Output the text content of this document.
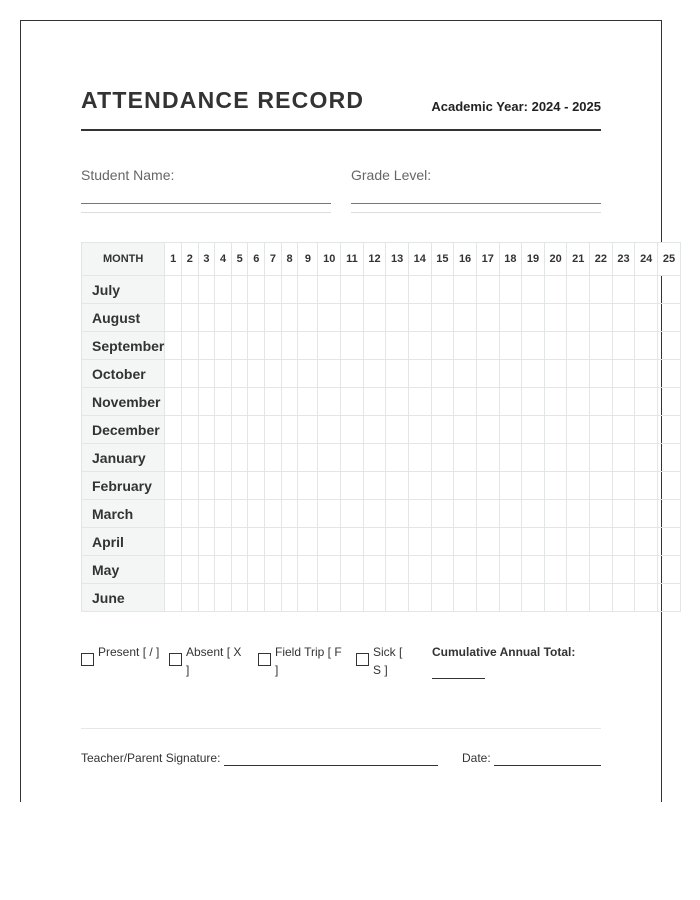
ATTENDANCE RECORD	Academic Year: 2024 - 2025
Student Name:	Grade Level:
MONTH	1	2	3	4	5	6	7	8	9	10	11	12	13	14	15	16	17	18	19	20	21	22	23	24	25
July																									
August																									
September																									
October																									
November																									
December																									
January																									
February																									
March																									
April																									
May																									
June																									
Present [ / ] Absent [ X ]
Field Trip [ F ]
Sick [ S ]
Cumulative Annual Total:
Teacher/Parent Signature:	Date:
